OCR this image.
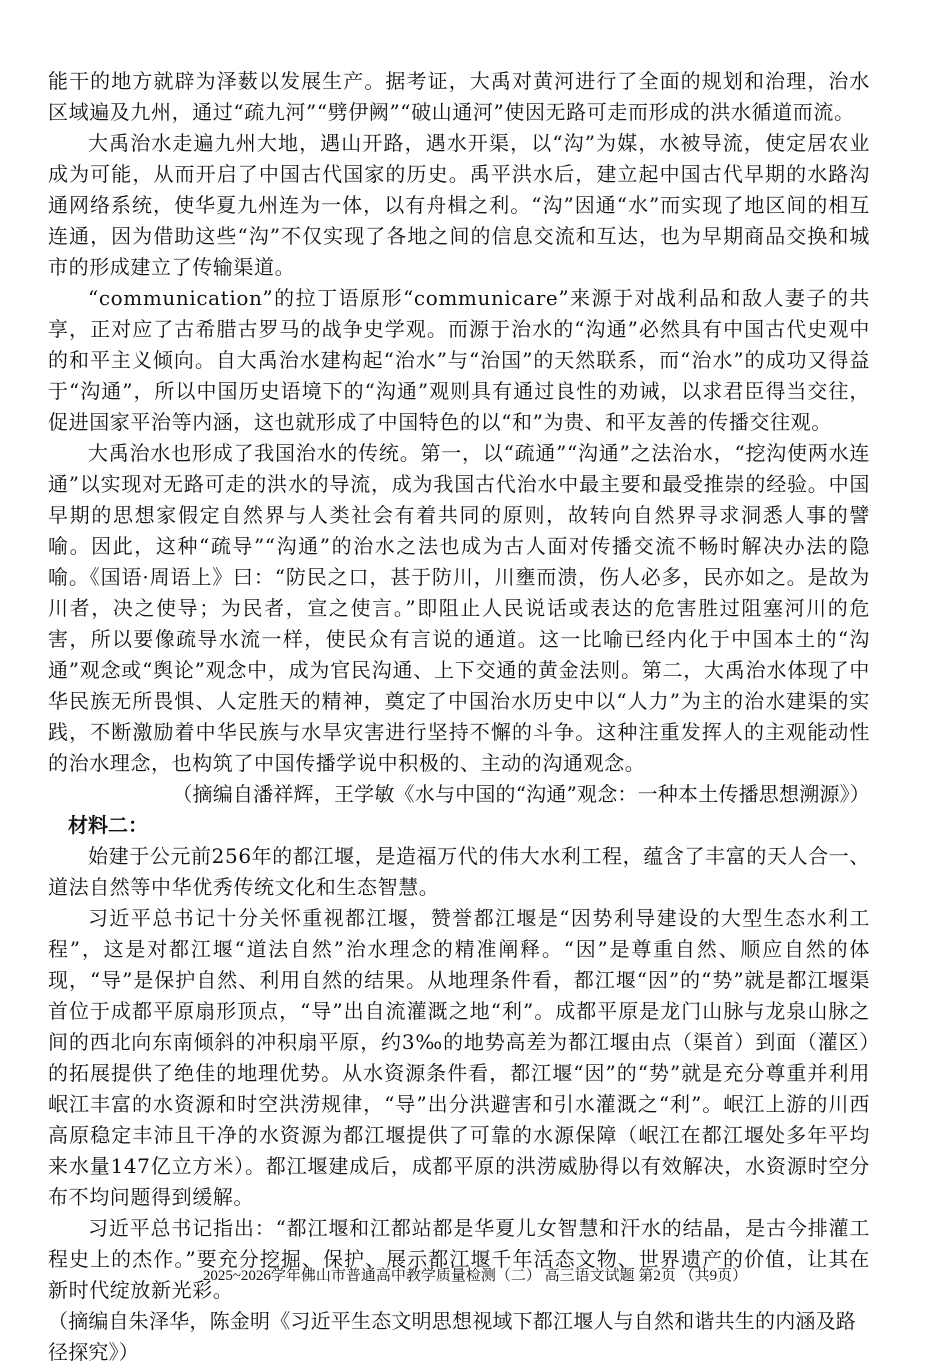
能干的地方就辟为泽薮以发展生产。据考证，大禹对黄河进行了全面的规划和治理，治水区域遍及九州，通过“疏九河”“劈伊阙”“破山通河”使因无路可走而形成的洪水循道而流。

大禹治水走遍九州大地，遇山开路，遇水开渠，以“沟”为媒，水被导流，使定居农业成为可能，从而开启了中国古代国家的历史。禹平洪水后，建立起中国古代早期的水路沟通网络系统，使华夏九州连为一体，以有舟楫之利。“沟”因通“水”而实现了地区间的相互连通，因为借助这些“沟”不仅实现了各地之间的信息交流和互达，也为早期商品交换和城市的形成建立了传输渠道。

“communication”的拉丁语原形“communicare”来源于对战利品和敌人妻子的共享，正对应了古希腊古罗马的战争史学观。而源于治水的“沟通”必然具有中国古代史观中的和平主义倾向。自大禹治水建构起“治水”与“治国”的天然联系，而“治水”的成功又得益于“沟通”，所以中国历史语境下的“沟通”观则具有通过良性的劝诫，以求君臣得当交往，促进国家平治等内涵，这也就形成了中国特色的以“和”为贵、和平友善的传播交往观。

大禹治水也形成了我国治水的传统。第一，以“疏通”“沟通”之法治水，“挖沟使两水连通”以实现对无路可走的洪水的导流，成为我国古代治水中最主要和最受推崇的经验。中国早期的思想家假定自然界与人类社会有着共同的原则，故转向自然界寻求洞悉人事的譬喻。因此，这种“疏导”“沟通”的治水之法也成为古人面对传播交流不畅时解决办法的隐喻。《国语·周语上》曰：“防民之口，甚于防川，川壅而溃，伤人必多，民亦如之。是故为川者，决之使导；为民者，宣之使言。”即阻止人民说话或表达的危害胜过阻塞河川的危害，所以要像疏导水流一样，使民众有言说的通道。这一比喻已经内化于中国本土的“沟通”观念或“舆论”观念中，成为官民沟通、上下交通的黄金法则。第二，大禹治水体现了中华民族无所畏惧、人定胜天的精神，奠定了中国治水历史中以“人力”为主的治水建渠的实践，不断激励着中华民族与水旱灾害进行坚持不懈的斗争。这种注重发挥人的主观能动性的治水理念，也构筑了中国传播学说中积极的、主动的沟通观念。

（摘编自潘祥辉，王学敏《水与中国的“沟通”观念：一种本土传播思想溯源》）

材料二：

始建于公元前256年的都江堰，是造福万代的伟大水利工程，蕴含了丰富的天人合一、道法自然等中华优秀传统文化和生态智慧。

习近平总书记十分关怀重视都江堰，赞誉都江堰是“因势利导建设的大型生态水利工程”，这是对都江堰“道法自然”治水理念的精准阐释。“因”是尊重自然、顺应自然的体现，“导”是保护自然、利用自然的结果。从地理条件看，都江堰“因”的“势”就是都江堰渠首位于成都平原扇形顶点，“导”出自流灌溉之地“利”。成都平原是龙门山脉与龙泉山脉之间的西北向东南倾斜的冲积扇平原，约3‰的地势高差为都江堰由点（渠首）到面（灌区）的拓展提供了绝佳的地理优势。从水资源条件看，都江堰“因”的“势”就是充分尊重并利用岷江丰富的水资源和时空洪涝规律，“导”出分洪避害和引水灌溉之“利”。岷江上游的川西高原稳定丰沛且干净的水资源为都江堰提供了可靠的水源保障（岷江在都江堰处多年平均来水量147亿立方米）。都江堰建成后，成都平原的洪涝威胁得以有效解决，水资源时空分布不均问题得到缓解。

习近平总书记指出：“都江堰和江都站都是华夏儿女智慧和汗水的结晶，是古今排灌工程史上的杰作。”要充分挖掘、保护、展示都江堰千年活态文物、世界遗产的价值，让其在新时代绽放新光彩。

（摘编自朱泽华，陈金明《习近平生态文明思想视域下都江堰人与自然和谐共生的内涵及路径探究》）

2025~2026学年佛山市普通高中教学质量检测（二） 高三语文试题 第2页 （共9页）
